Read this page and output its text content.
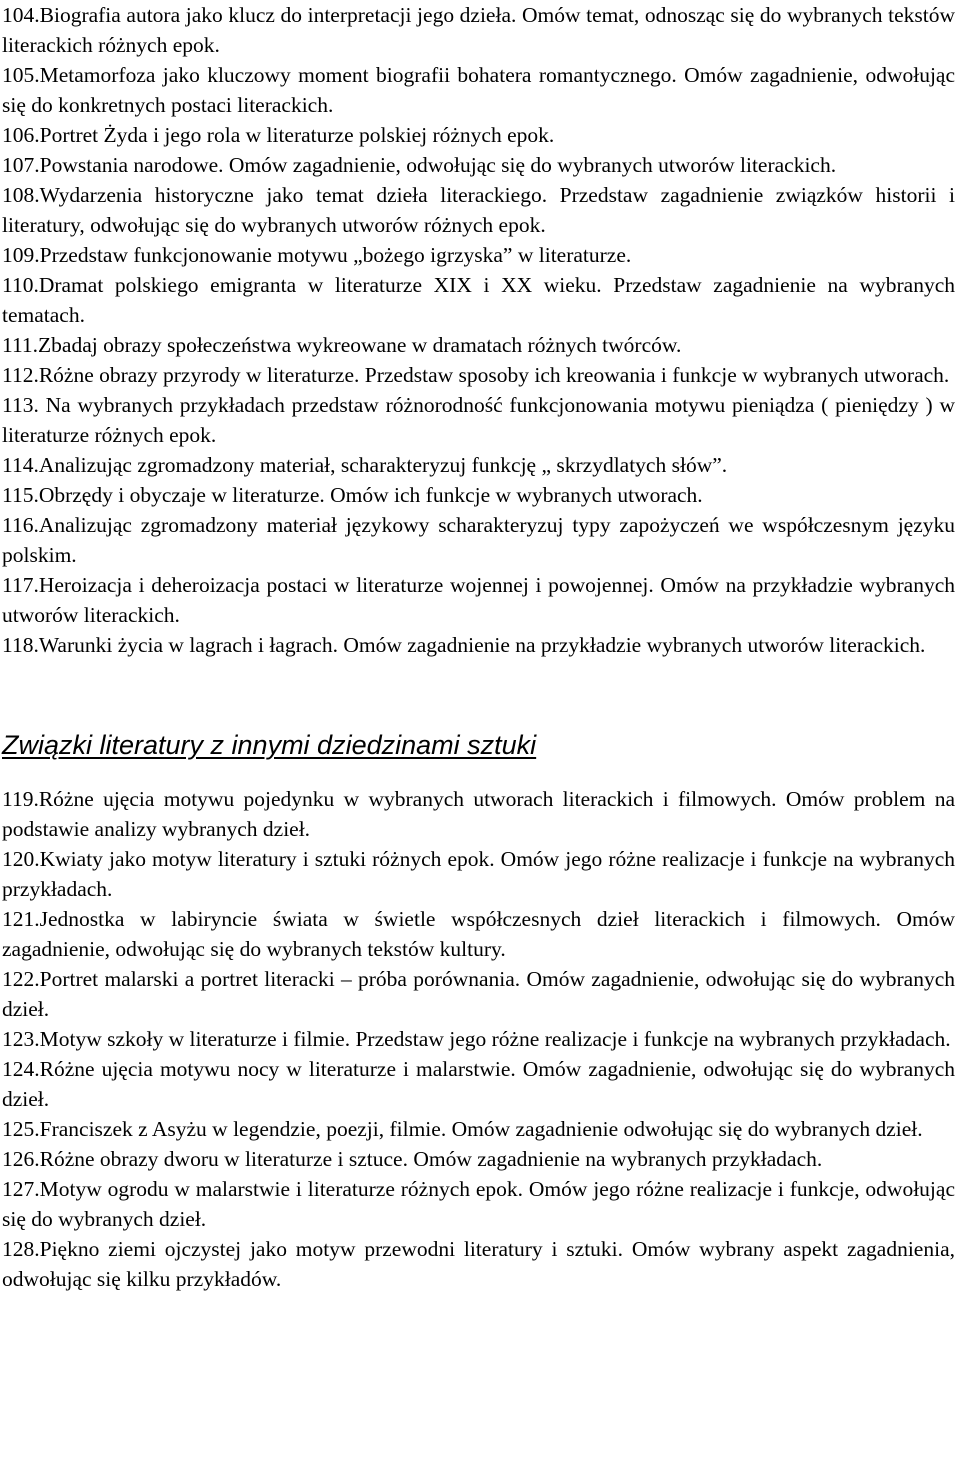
104.Biografia autora jako klucz do interpretacji jego dzieła. Omów temat, odnosząc się do wybranych tekstów literackich różnych epok.
105.Metamorfoza jako kluczowy moment biografii bohatera romantycznego. Omów zagadnienie, odwołując się do konkretnych postaci literackich.
106.Portret Żyda i jego rola w literaturze polskiej różnych epok.
107.Powstania narodowe. Omów zagadnienie, odwołując się do wybranych utworów literackich.
108.Wydarzenia historyczne jako temat dzieła literackiego. Przedstaw zagadnienie związków historii i literatury, odwołując się do wybranych utworów różnych epok.
109.Przedstaw funkcjonowanie motywu „bożego igrzyska” w literaturze.
110.Dramat polskiego emigranta w literaturze XIX i XX wieku. Przedstaw zagadnienie na wybranych tematach.
111.Zbadaj obrazy społeczeństwa wykreowane w dramatach różnych twórców.
112.Różne obrazy przyrody w literaturze. Przedstaw sposoby ich kreowania i funkcje w wybranych utworach.
113. Na wybranych przykładach przedstaw różnorodność funkcjonowania motywu pieniądza ( pieniędzy ) w literaturze różnych epok.
114.Analizując zgromadzony materiał, scharakteryzuj funkcję „ skrzydlatych słów”.
115.Obrzędy i obyczaje w literaturze. Omów ich funkcje w wybranych utworach.
116.Analizując zgromadzony materiał językowy scharakteryzuj typy zapożyczeń we współczesnym języku polskim.
117.Heroizacja i deheroizacja postaci w literaturze wojennej i powojennej. Omów na przykładzie wybranych utworów literackich.
118.Warunki życia w lagrach i łagrach. Omów zagadnienie na przykładzie wybranych utworów literackich.
Związki literatury z innymi dziedzinami sztuki
119.Różne ujęcia motywu pojedynku w wybranych utworach literackich i filmowych. Omów problem na podstawie analizy wybranych dzieł.
120.Kwiaty jako motyw literatury i sztuki różnych epok. Omów jego różne realizacje i funkcje na wybranych przykładach.
121.Jednostka w labiryncie świata w świetle współczesnych dzieł literackich i filmowych. Omów zagadnienie, odwołując się do wybranych tekstów kultury.
122.Portret malarski a portret literacki – próba porównania. Omów zagadnienie, odwołując się do wybranych dzieł.
123.Motyw szkoły w literaturze i filmie. Przedstaw jego różne realizacje i funkcje na wybranych przykładach.
124.Różne ujęcia motywu nocy w literaturze i malarstwie. Omów zagadnienie, odwołując się do wybranych dzieł.
125.Franciszek z Asyżu w legendzie, poezji, filmie. Omów zagadnienie odwołując się do wybranych dzieł.
126.Różne obrazy dworu w literaturze i sztuce. Omów zagadnienie na wybranych przykładach.
127.Motyw ogrodu w malarstwie i literaturze różnych epok. Omów jego różne realizacje i funkcje, odwołując się do wybranych dzieł.
128.Piękno ziemi ojczystej jako motyw przewodni literatury i sztuki. Omów wybrany aspekt zagadnienia, odwołując się kilku przykładów.
